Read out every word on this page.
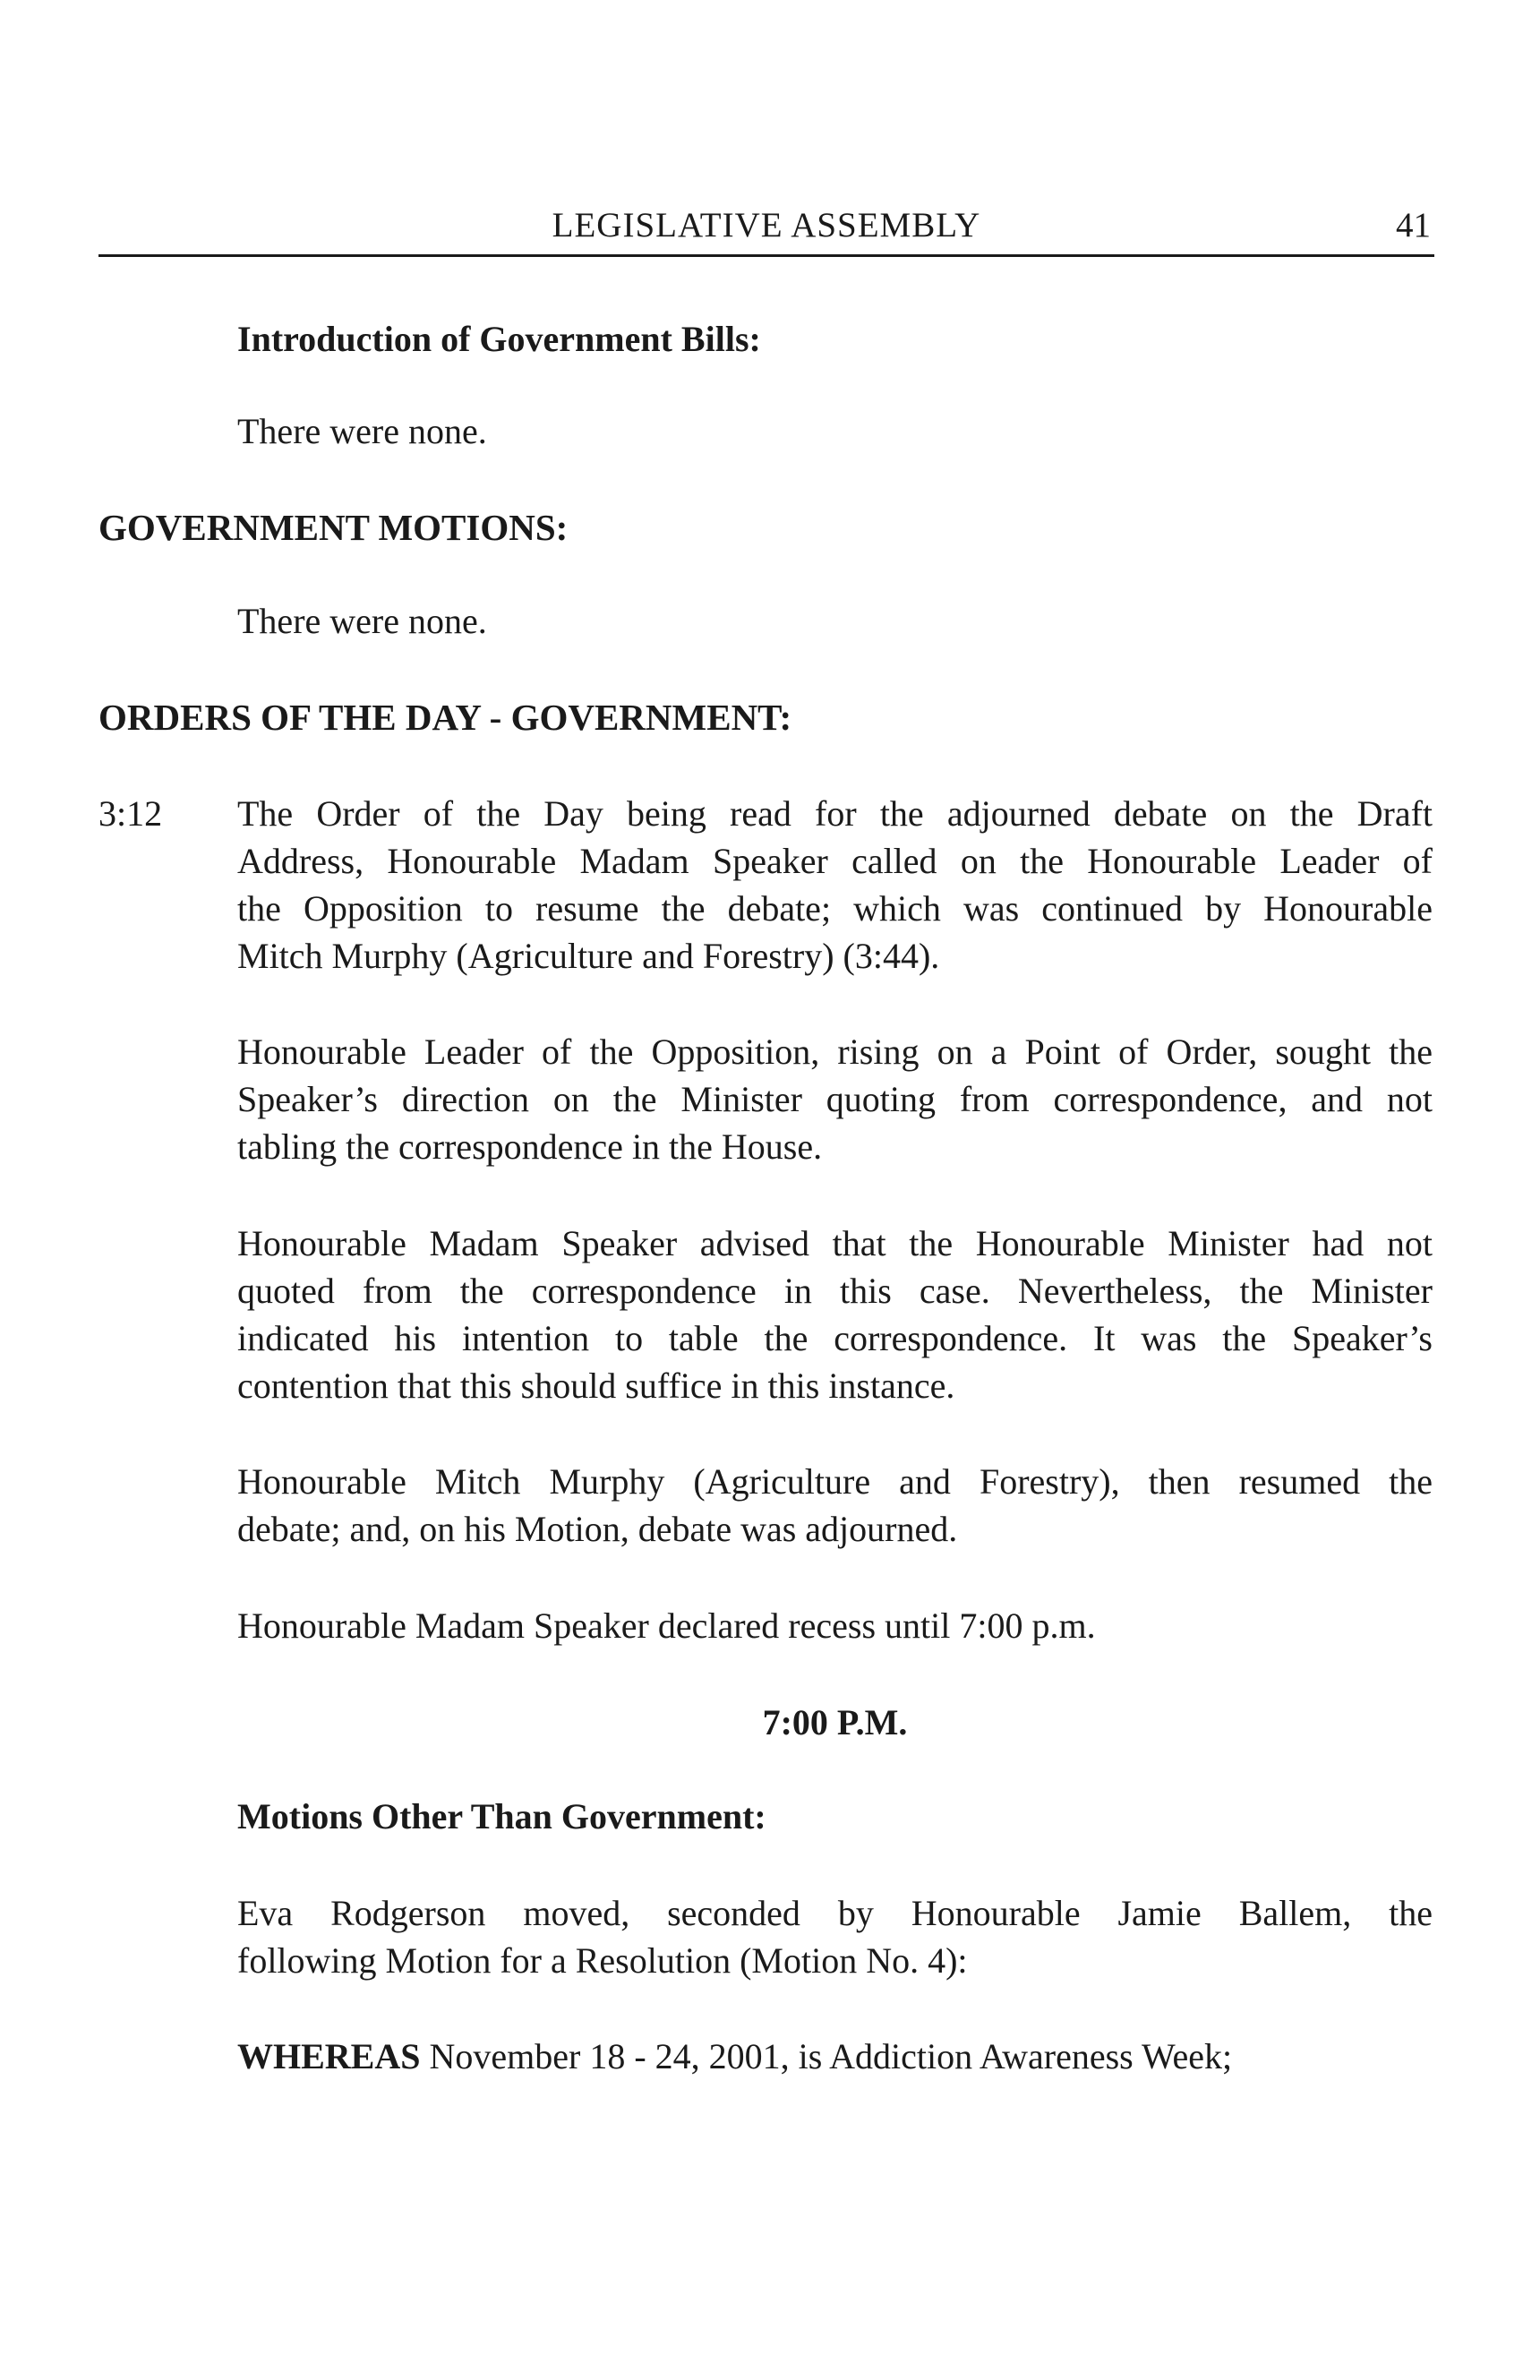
LEGISLATIVE ASSEMBLY	41
Introduction of Government Bills:
There were none.
GOVERNMENT MOTIONS:
There were none.
ORDERS OF THE DAY - GOVERNMENT:
3:12 The Order of the Day being read for the adjourned debate on the Draft
Address, Honourable Madam Speaker called on the Honourable Leader of
the Opposition to resume the debate; which was continued by Honourable
Mitch Murphy (Agriculture and Forestry) (3:44).
Honourable Leader of the Opposition, rising on a Point of Order, sought the
Speaker’s direction on the Minister quoting from correspondence, and not
tabling the correspondence in the House.
Honourable Madam Speaker advised that the Honourable Minister had not
quoted from the correspondence in this case. Nevertheless, the Minister
indicated his intention to table the correspondence. It was the Speaker’s
contention that this should suffice in this instance.
Honourable Mitch Murphy (Agriculture and Forestry), then resumed the
debate; and, on his Motion, debate was adjourned.
Honourable Madam Speaker declared recess until 7:00 p.m.
7:00 P.M.
Motions Other Than Government:
Eva Rodgerson moved, seconded by Honourable Jamie Ballem, the
following Motion for a Resolution (Motion No. 4):
WHEREAS November 18 - 24, 2001, is Addiction Awareness Week;
